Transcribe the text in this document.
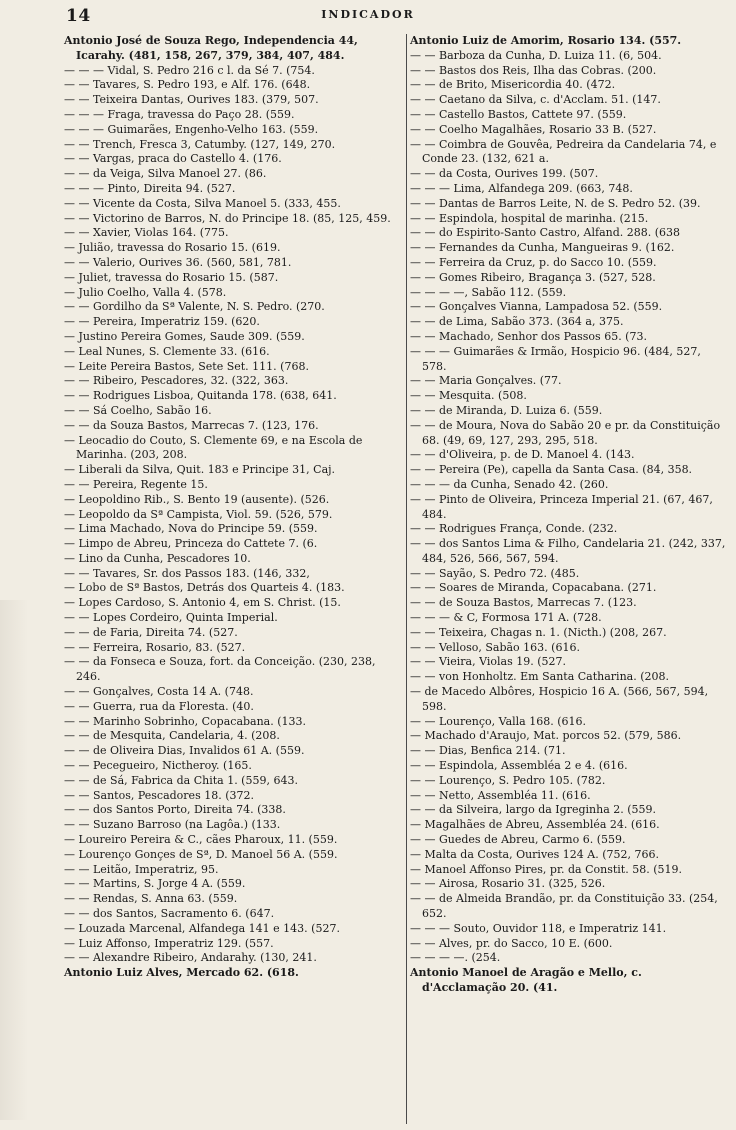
14	INDICADOR
Antonio José de Souza Rego, Independencia 44, Icarahy. (481, 158, 267, 379, 384, 407, 484.
— — — Vidal, S. Pedro 216 c l. da Sé 7. (754.
— — Tavares, S. Pedro 193, e Alf. 176. (648.
— — Teixeira Dantas, Ourives 183. (379, 507.
— — — Fraga, travessa do Paço 28. (559.
— — — Guimarães, Engenho-Velho 163. (559.
— — Trench, Fresca 3, Catumby. (127, 149, 270.
— — Vargas, praca do Castello 4. (176.
— — da Veiga, Silva Manoel 27. (86.
— — — Pinto, Direita 94. (527.
— — Vicente da Costa, Silva Manoel 5. (333, 455.
— — Victorino de Barros, N. do Principe 18. (85, 125, 459.
— — Xavier, Violas 164. (775.
— Julião, travessa do Rosario 15. (619.
— — Valerio, Ourives 36. (560, 581, 781.
— Juliet, travessa do Rosario 15. (587.
— Julio Coelho, Valla 4. (578.
— — Gordilho da Sª Valente, N. S. Pedro. (270.
— — Pereira, Imperatriz 159. (620.
— Justino Pereira Gomes, Saude 309. (559.
— Leal Nunes, S. Clemente 33. (616.
— Leite Pereira Bastos, Sete Set. 111. (768.
— — Ribeiro, Pescadores, 32. (322, 363.
— — Rodrigues Lisboa, Quitanda 178. (638, 641.
— — Sá Coelho, Sabão 16.
— — da Souza Bastos, Marrecas 7. (123, 176.
— Leocadio do Couto, S. Clemente 69, e na Escola de Marinha. (203, 208.
— Liberali da Silva, Quit. 183 e Principe 31, Caj.
— — Pereira, Regente 15.
— Leopoldino Rib., S. Bento 19 (ausente). (526.
— Leopoldo da Sª Campista, Viol. 59. (526, 579.
— Lima Machado, Nova do Principe 59. (559.
— Limpo de Abreu, Princeza do Cattete 7. (6.
— Lino da Cunha, Pescadores 10.
— — Tavares, Sr. dos Passos 183. (146, 332,
— Lobo de Sª Bastos, Detrás dos Quarteis 4. (183.
— Lopes Cardoso, S. Antonio 4, em S. Christ. (15.
— — Lopes Cordeiro, Quinta Imperial.
— — de Faria, Direita 74. (527.
— — Ferreira, Rosario, 83. (527.
— — da Fonseca e Souza, fort. da Conceição. (230, 238, 246.
— — Gonçalves, Costa 14 A. (748.
— — Guerra, rua da Floresta. (40.
— — Marinho Sobrinho, Copacabana. (133.
— — de Mesquita, Candelaria, 4. (208.
— — de Oliveira Dias, Invalidos 61 A. (559.
— — Pecegueiro, Nictheroy. (165.
— — de Sá, Fabrica da Chita 1. (559, 643.
— — Santos, Pescadores 18. (372.
— — dos Santos Porto, Direita 74. (338.
— — Suzano Barroso (na Lagôa.) (133.
— Loureiro Pereira & C., cães Pharoux, 11. (559.
— Lourenço Gonçes de Sª, D. Manoel 56 A. (559.
— — Leitão, Imperatriz, 95.
— — Martins, S. Jorge 4 A. (559.
— — Rendas, S. Anna 63. (559.
— — dos Santos, Sacramento 6. (647.
— Louzada Marcenal, Alfandega 141 e 143. (527.
— Luiz Affonso, Imperatriz 129. (557.
— — Alexandre Ribeiro, Andarahy. (130, 241.
Antonio Luiz Alves, Mercado 62. (618.
Antonio Luiz de Amorim, Rosario 134. (557.
— — Barboza da Cunha, D. Luiza 11. (6, 504.
— — Bastos dos Reis, Ilha das Cobras. (200.
— — de Brito, Misericordia 40. (472.
— — Caetano da Silva, c. d'Acclam. 51. (147.
— — Castello Bastos, Cattete 97. (559.
— — Coelho Magalhães, Rosario 33 B. (527.
— — Coimbra de Gouvêa, Pedreira da Candelaria 74, e Conde 23. (132, 621 a.
— — da Costa, Ourives 199. (507.
— — — Lima, Alfandega 209. (663, 748.
— — Dantas de Barros Leite, N. de S. Pedro 52. (39.
— — Espindola, hospital de marinha. (215.
— — do Espirito-Santo Castro, Alfand. 288. (638
— — Fernandes da Cunha, Mangueiras 9. (162.
— — Ferreira da Cruz, p. do Sacco 10. (559.
— — Gomes Ribeiro, Bragança 3. (527, 528.
— — — —, Sabão 112. (559.
— — Gonçalves Vianna, Lampadosa 52. (559.
— — de Lima, Sabão 373. (364 a, 375.
— — Machado, Senhor dos Passos 65. (73.
— — — Guimarães & Irmão, Hospicio 96. (484, 527, 578.
— — Maria Gonçalves. (77.
— — Mesquita. (508.
— — de Miranda, D. Luiza 6. (559.
— — de Moura, Nova do Sabão 20 e pr. da Constituição 68. (49, 69, 127, 293, 295, 518.
— — d'Oliveira, p. de D. Manoel 4. (143.
— — Pereira (Pe), capella da Santa Casa. (84, 358.
— — — da Cunha, Senado 42. (260.
— — Pinto de Oliveira, Princeza Imperial 21. (67, 467, 484.
— — Rodrigues França, Conde. (232.
— — dos Santos Lima & Filho, Candelaria 21. (242, 337, 484, 526, 566, 567, 594.
— — Sayão, S. Pedro 72. (485.
— — Soares de Miranda, Copacabana. (271.
— — de Souza Bastos, Marrecas 7. (123.
— — — & C, Formosa 171 A. (728.
— — Teixeira, Chagas n. 1. (Nicth.) (208, 267.
— — Velloso, Sabão 163. (616.
— — Vieira, Violas 19. (527.
— — von Honholtz. Em Santa Catharina. (208.
— de Macedo Albôres, Hospicio 16 A. (566, 567, 594, 598.
— — Lourenço, Valla 168. (616.
— Machado d'Araujo, Mat. porcos 52. (579, 586.
— — Dias, Benfica 214. (71.
— — Espindola, Assembléa 2 e 4. (616.
— — Lourenço, S. Pedro 105. (782.
— — Netto, Assembléa 11. (616.
— — da Silveira, largo da Igreginha 2. (559.
— Magalhães de Abreu, Assembléa 24. (616.
— — Guedes de Abreu, Carmo 6. (559.
— Malta da Costa, Ourives 124 A. (752, 766.
— Manoel Affonso Pires, pr. da Constit. 58. (519.
— — Airosa, Rosario 31. (325, 526.
— — de Almeida Brandão, pr. da Constituição 33. (254, 652.
— — — Souto, Ouvidor 118, e Imperatriz 141.
— — Alves, pr. do Sacco, 10 E. (600.
— — — —. (254.
Antonio Manoel de Aragão e Mello, c. d'Acclamação 20. (41.
